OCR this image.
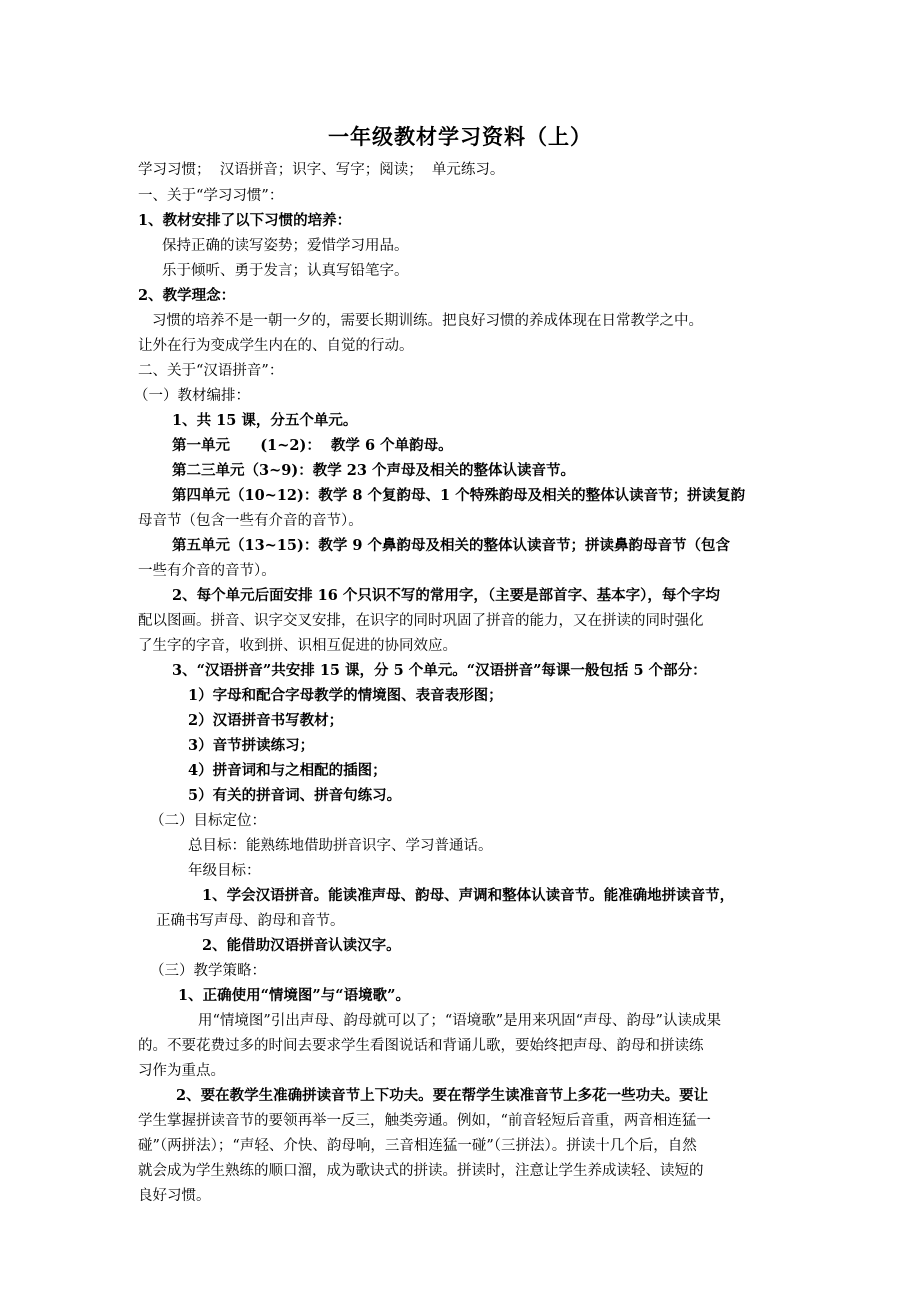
一年级教材学习资料（上）
学习习惯；  汉语拼音；识字、写字；阅读；  单元练习。
一、关于“学习习惯”：
1、教材安排了以下习惯的培养：
保持正确的读写姿势；爱惜学习用品。
乐于倾听、勇于发言；认真写铅笔字。
2、教学理念：
习惯的培养不是一朝一夕的，需要长期训练。把良好习惯的养成体现在日常教学之中。
让外在行为变成学生内在的、自觉的行动。
二、关于“汉语拼音”：
（一）教材编排：
1、共 15 课，分五个单元。
第一单元      (1~2)：  教学 6 个单韵母。
第二三单元（3~9)：教学 23 个声母及相关的整体认读音节。
第四单元（10~12)：教学 8 个复韵母、1 个特殊韵母及相关的整体认读音节；拼读复韵
母音节（包含一些有介音的音节）。
第五单元（13~15)：教学 9 个鼻韵母及相关的整体认读音节；拼读鼻韵母音节（包含
一些有介音的音节）。
2、每个单元后面安排 16 个只识不写的常用字，（主要是部首字、基本字），每个字均
配以图画。拼音、识字交叉安排，在识字的同时巩固了拼音的能力，又在拼读的同时强化
了生字的字音，收到拼、识相互促进的协同效应。
3、“汉语拼音”共安排 15 课，分 5 个单元。“汉语拼音”每课一般包括 5 个部分：
1）字母和配合字母教学的情境图、表音表形图；
2）汉语拼音书写教材；
3）音节拼读练习；
4）拼音词和与之相配的插图；
5）有关的拼音词、拼音句练习。
（二）目标定位：
总目标：能熟练地借助拼音识字、学习普通话。
年级目标：
1、学会汉语拼音。能读准声母、韵母、声调和整体认读音节。能准确地拼读音节，
正确书写声母、韵母和音节。
2、能借助汉语拼音认读汉字。
（三）教学策略：
1、正确使用“情境图”与“语境歌”。
用“情境图”引出声母、韵母就可以了；“语境歌”是用来巩固“声母、韵母”认读成果
的。不要花费过多的时间去要求学生看图说话和背诵儿歌，要始终把声母、韵母和拼读练
习作为重点。
2、要在教学生准确拼读音节上下功夫。要在帮学生读准音节上多花一些功夫。要让
学生掌握拼读音节的要领再举一反三，触类旁通。例如，“前音轻短后音重，两音相连猛一
碰”（两拼法）；“声轻、介快、韵母响，三音相连猛一碰”（三拼法）。拼读十几个后，自然
就会成为学生熟练的顺口溜，成为歌诀式的拼读。拼读时，注意让学生养成读轻、读短的
良好习惯。
